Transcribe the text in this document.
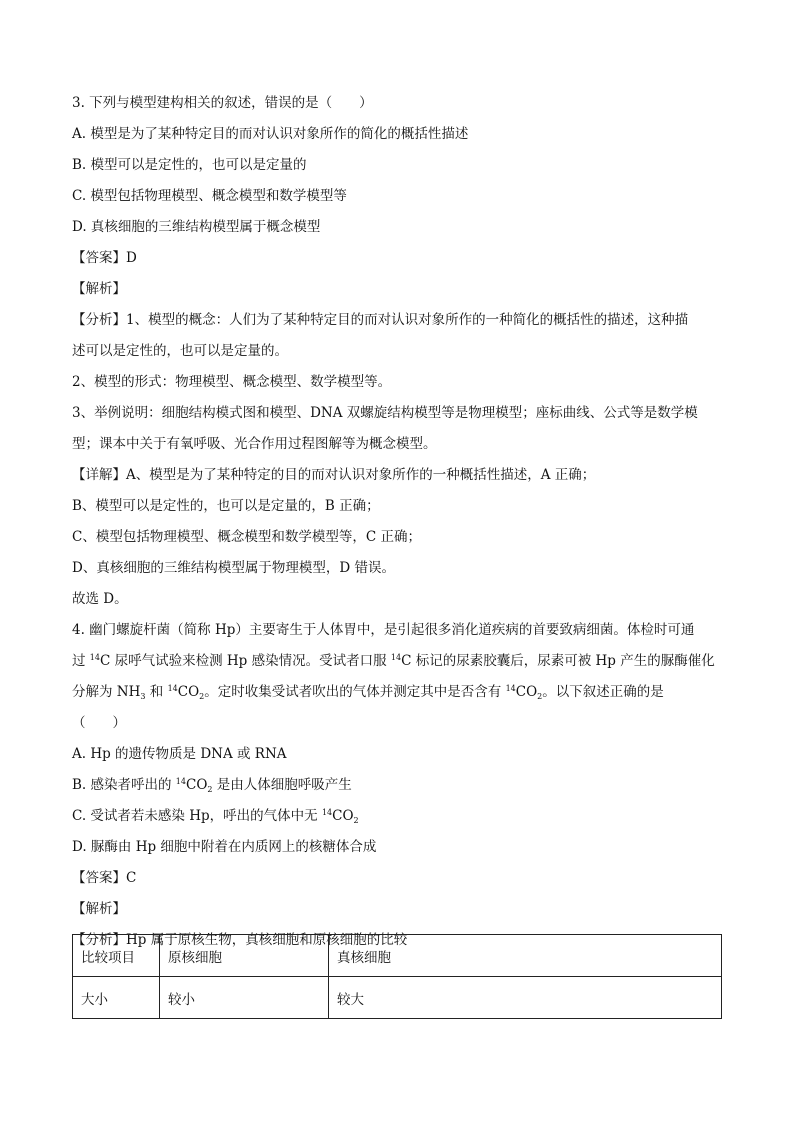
3. 下列与模型建构相关的叙述，错误的是（　　）
A. 模型是为了某种特定目的而对认识对象所作的简化的概括性描述
B. 模型可以是定性的，也可以是定量的
C. 模型包括物理模型、概念模型和数学模型等
D. 真核细胞的三维结构模型属于概念模型
【答案】D
【解析】
【分析】1、模型的概念：人们为了某种特定目的而对认识对象所作的一种简化的概括性的描述，这种描
述可以是定性的，也可以是定量的。
2、模型的形式：物理模型、概念模型、数学模型等。
3、举例说明：细胞结构模式图和模型、DNA 双螺旋结构模型等是物理模型；座标曲线、公式等是数学模
型；课本中关于有氧呼吸、光合作用过程图解等为概念模型。
【详解】A、模型是为了某种特定的目的而对认识对象所作的一种概括性描述，A 正确；
B、模型可以是定性的，也可以是定量的，B 正确；
C、模型包括物理模型、概念模型和数学模型等，C 正确；
D、真核细胞的三维结构模型属于物理模型，D 错误。
故选 D。
4. 幽门螺旋杆菌（简称 Hp）主要寄生于人体胃中，是引起很多消化道疾病的首要致病细菌。体检时可通
过 $^{14}$C 尿呼气试验来检测 Hp 感染情况。受试者口服 $^{14}$C 标记的尿素胶囊后，尿素可被 Hp 产生的脲酶催化
分解为 $NH_3$ 和 $^{14}CO_2$。定时收集受试者吹出的气体并测定其中是否含有 $^{14}CO_2$。以下叙述正确的是
（　　）
A. Hp 的遗传物质是 DNA 或 RNA
B. 感染者呼出的 $^{14}CO_2$ 是由人体细胞呼吸产生
C. 受试者若未感染 Hp，呼出的气体中无 $^{14}CO_2$
D. 脲酶由 Hp 细胞中附着在内质网上的核糖体合成
【答案】C
【解析】
【分析】Hp 属于原核生物，真核细胞和原核细胞的比较
比较项目	原核细胞	真核细胞
大小	较小	较大
